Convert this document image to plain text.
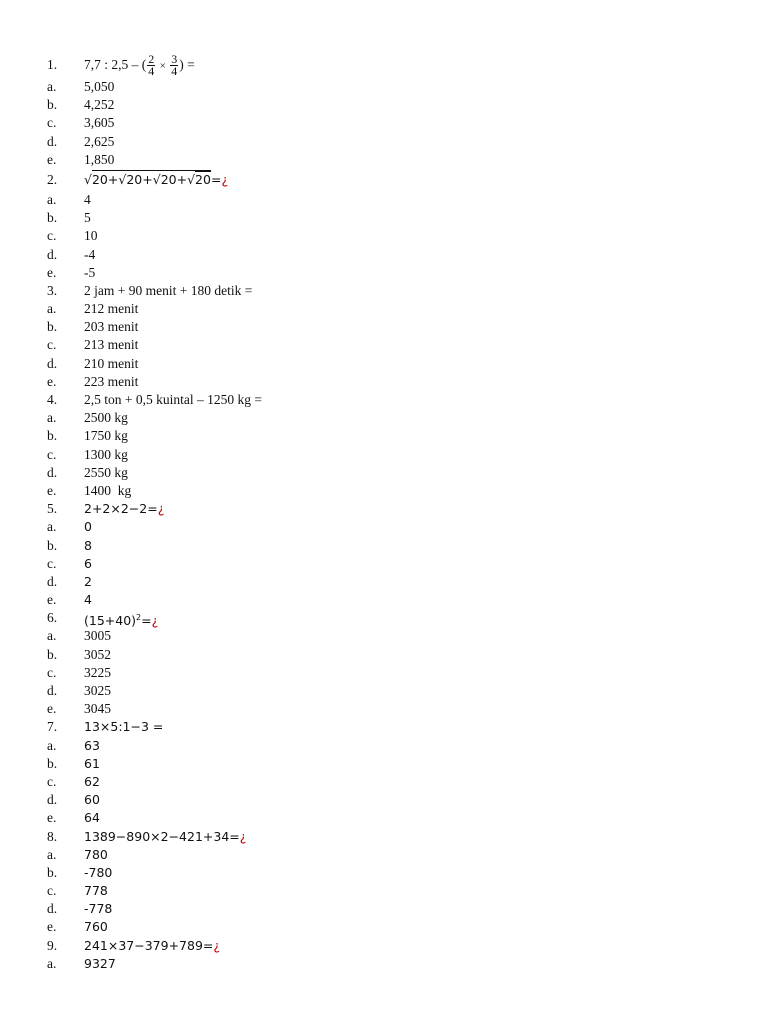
1. 7,7 : 2,5 – ( $\frac{2}{4} \times \frac{3}{4}$ ) =
a. 5,050
b. 4,252
c. 3,605
d. 2,625
e. 1,850
2. √20+√20+√20+√20=¿
a. 4
b. 5
c. 10
d. -4
e. -5
3. 2 jam + 90 menit + 180 detik =
a. 212 menit
b. 203 menit
c. 213 menit
d. 210 menit
e. 223 menit
4. 2,5 ton + 0,5 kuintal – 1250 kg =
a. 2500 kg
b. 1750 kg
c. 1300 kg
d. 2550 kg
e. 1400  kg
5. 2+2×2−2=¿
a. 0
b. 8
c. 6
d. 2
e. 4
6. $(15+40)^2=¿$
a. 3005
b. 3052
c. 3225
d. 3025
e. 3045
7. 13×5:1−3 =
a. 63
b. 61
c. 62
d. 60
e. 64
8. 1389−890×2−421+34=¿
a. 780
b. -780
c. 778
d. -778
e. 760
9. 241×37−379+789=¿
a. 9327
